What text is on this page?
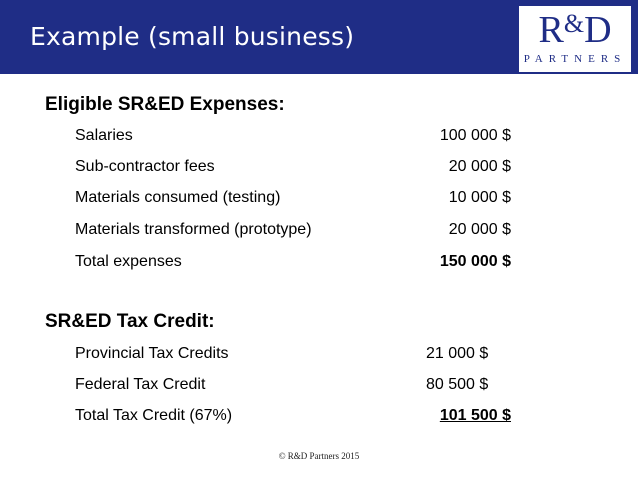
Example (small business)	R&D
PARTNERS
Eligible SR&ED Expenses:
Salaries	100 000 $
Sub-contractor fees	20 000 $
Materials consumed (testing)	10 000 $
Materials transformed (prototype)	20 000 $
Total expenses	150 000 $
SR&ED Tax Credit:
Provincial Tax Credits	21 000 $
Federal Tax Credit	80 500 $
Total Tax Credit (67%)	101 500 $
© R&D Partners 2015
